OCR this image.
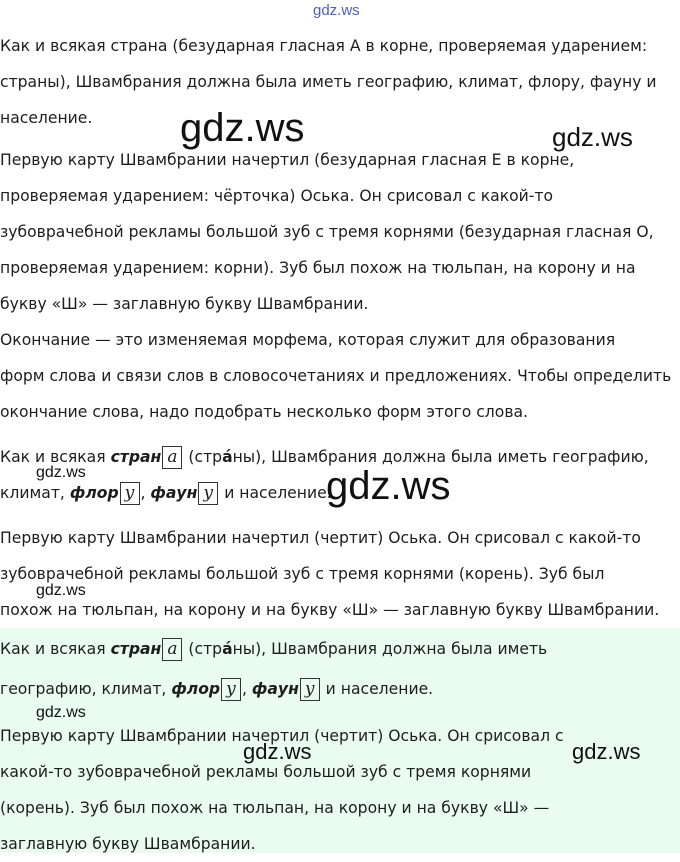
gdz.ws
Как и всякая страна (безударная гласная А в корне, проверяемая ударением:
страны), Швамбрания должна была иметь географию, климат, флору, фауну и
население.
Первую карту Швамбрании начертил (безударная гласная Е в корне,
проверяемая ударением: чёрточка) Оська. Он срисовал с какой-то
зубоврачебной рекламы большой зуб с тремя корнями (безударная гласная О,
проверяемая ударением: корни). Зуб был похож на тюльпан, на корону и на
букву «Ш» — заглавную букву Швамбрании.
Окончание — это изменяемая морфема, которая служит для образования
форм слова и связи слов в словосочетаниях и предложениях. Чтобы определить
окончание слова, надо подобрать несколько форм этого слова.
Как и всякая стран а (стрáны), Швамбрания должна была иметь географию,
климат, флор у , фаун у и население.
Первую карту Швамбрании начертил (чертит) Оська. Он срисовал с какой-то
зубоврачебной рекламы большой зуб с тремя корнями (корень). Зуб был
похож на тюльпан, на корону и на букву «Ш» — заглавную букву Швамбрании.
Как и всякая стран а (стрáны), Швамбрания должна была иметь
географию, климат, флор у , фаун у и население.
Первую карту Швамбрании начертил (чертит) Оська. Он срисовал с
какой-то зубоврачебной рекламы большой зуб с тремя корнями
(корень). Зуб был похож на тюльпан, на корону и на букву «Ш» —
заглавную букву Швамбрании.
gdz.ws	gdz.ws
gdz.ws	gdz.ws
gdz.ws
gdz.ws
gdz.ws	gdz.ws
